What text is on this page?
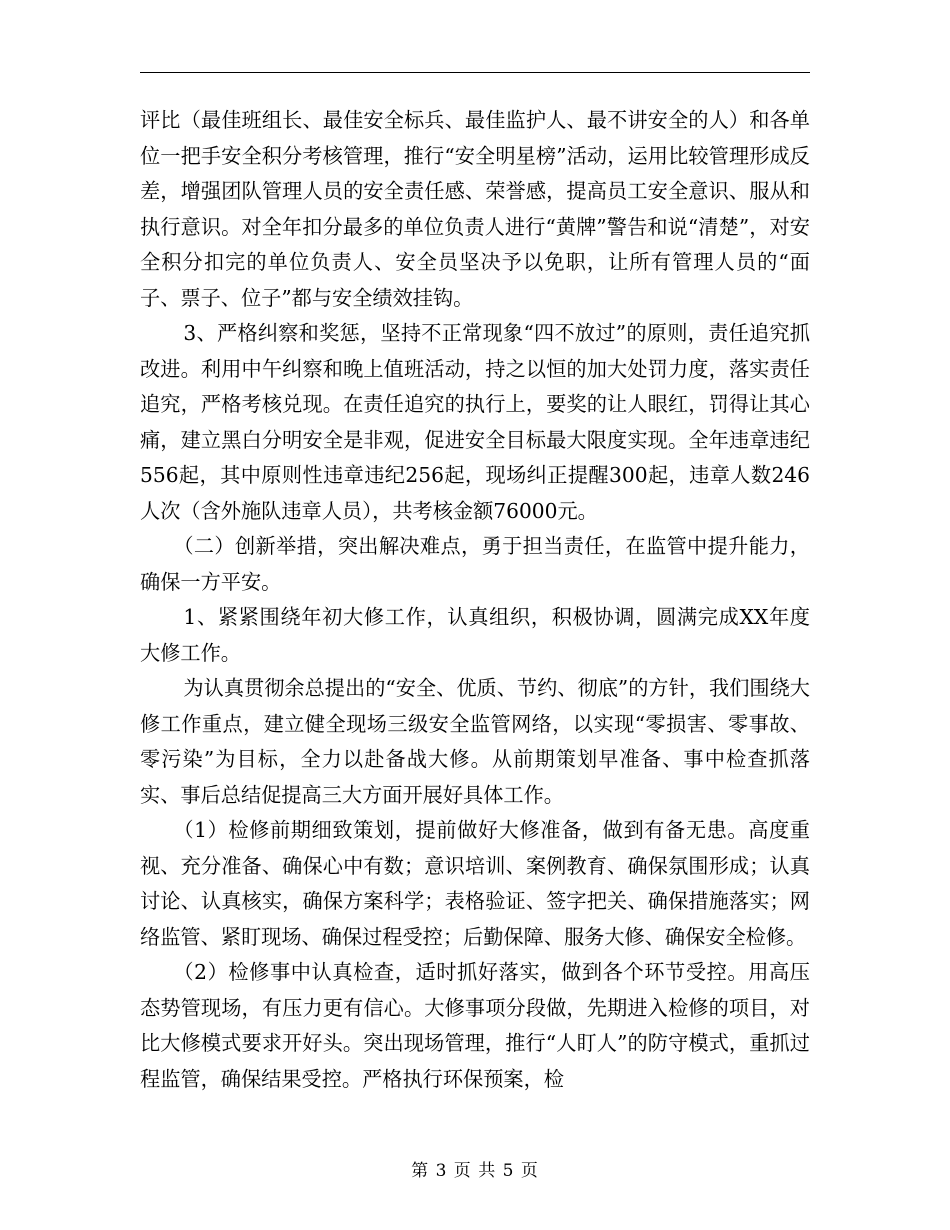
评比（最佳班组长、最佳安全标兵、最佳监护人、最不讲安全的人）和各单位一把手安全积分考核管理，推行“安全明星榜”活动，运用比较管理形成反差，增强团队管理人员的安全责任感、荣誉感，提高员工安全意识、服从和执行意识。对全年扣分最多的单位负责人进行“黄牌”警告和说“清楚”，对安全积分扣完的单位负责人、安全员坚决予以免职，让所有管理人员的“面子、票子、位子”都与安全绩效挂钩。

3、严格纠察和奖惩，坚持不正常现象“四不放过”的原则，责任追究抓改进。利用中午纠察和晚上值班活动，持之以恒的加大处罚力度，落实责任追究，严格考核兑现。在责任追究的执行上，要奖的让人眼红，罚得让其心痛，建立黑白分明安全是非观，促进安全目标最大限度实现。全年违章违纪556起，其中原则性违章违纪256起，现场纠正提醒300起，违章人数246人次（含外施队违章人员），共考核金额76000元。

（二）创新举措，突出解决难点，勇于担当责任，在监管中提升能力，确保一方平安。

1、紧紧围绕年初大修工作，认真组织，积极协调，圆满完成XX年度大修工作。

为认真贯彻余总提出的“安全、优质、节约、彻底”的方针，我们围绕大修工作重点，建立健全现场三级安全监管网络，以实现“零损害、零事故、零污染”为目标，全力以赴备战大修。从前期策划早准备、事中检查抓落实、事后总结促提高三大方面开展好具体工作。

（1）检修前期细致策划，提前做好大修准备，做到有备无患。高度重视、充分准备、确保心中有数；意识培训、案例教育、确保氛围形成；认真讨论、认真核实，确保方案科学；表格验证、签字把关、确保措施落实；网络监管、紧盯现场、确保过程受控；后勤保障、服务大修、确保安全检修。

（2）检修事中认真检查，适时抓好落实，做到各个环节受控。用高压态势管现场，有压力更有信心。大修事项分段做，先期进入检修的项目，对比大修模式要求开好头。突出现场管理，推行“人盯人”的防守模式，重抓过程监管，确保结果受控。严格执行环保预案，检

第 3 页 共 5 页
